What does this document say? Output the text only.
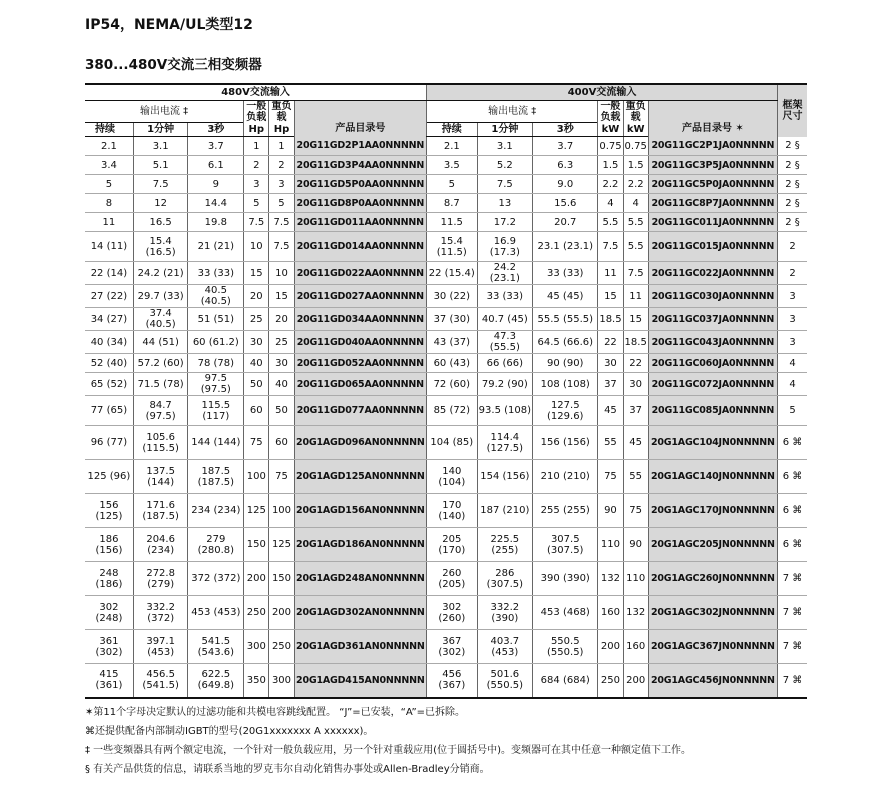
IP54，NEMA/UL类型12
380...480V交流三相变频器
480V交流输入						400V交流输入						框架尺寸
输出电流 ‡			一般负载	重负载	产品目录号	输出电流 ‡			一般负载	重负载	产品目录号 ✶	
持续	1分钟	3秒	Hp	Hp		持续	1分钟	3秒	kW	kW		
2.1	3.1	3.7	1	1	20G11GD2P1AA0NNNNN	2.1	3.1	3.7	0.75	0.75	20G11GC2P1JA0NNNNN	2 §
3.4	5.1	6.1	2	2	20G11GD3P4AA0NNNNN	3.5	5.2	6.3	1.5	1.5	20G11GC3P5JA0NNNNN	2 §
5	7.5	9	3	3	20G11GD5P0AA0NNNNN	5	7.5	9.0	2.2	2.2	20G11GC5P0JA0NNNNN	2 §
8	12	14.4	5	5	20G11GD8P0AA0NNNNN	8.7	13	15.6	4	4	20G11GC8P7JA0NNNNN	2 §
11	16.5	19.8	7.5	7.5	20G11GD011AA0NNNNN	11.5	17.2	20.7	5.5	5.5	20G11GC011JA0NNNNN	2 §
14 (11)	15.4 (16.5)	21 (21)	10	7.5	20G11GD014AA0NNNNN	15.4 (11.5)	16.9 (17.3)	23.1 (23.1)	7.5	5.5	20G11GC015JA0NNNNN	2
22 (14)	24.2 (21)	33 (33)	15	10	20G11GD022AA0NNNNN	22 (15.4)	24.2 (23.1)	33 (33)	11	7.5	20G11GC022JA0NNNNN	2
27 (22)	29.7 (33)	40.5 (40.5)	20	15	20G11GD027AA0NNNNN	30 (22)	33 (33)	45 (45)	15	11	20G11GC030JA0NNNNN	3
34 (27)	37.4 (40.5)	51 (51)	25	20	20G11GD034AA0NNNNN	37 (30)	40.7 (45)	55.5 (55.5)	18.5	15	20G11GC037JA0NNNNN	3
40 (34)	44 (51)	60 (61.2)	30	25	20G11GD040AA0NNNNN	43 (37)	47.3 (55.5)	64.5 (66.6)	22	18.5	20G11GC043JA0NNNNN	3
52 (40)	57.2 (60)	78 (78)	40	30	20G11GD052AA0NNNNN	60 (43)	66 (66)	90 (90)	30	22	20G11GC060JA0NNNNN	4
65 (52)	71.5 (78)	97.5 (97.5)	50	40	20G11GD065AA0NNNNN	72 (60)	79.2 (90)	108 (108)	37	30	20G11GC072JA0NNNNN	4
77 (65)	84.7 (97.5)	115.5 (117)	60	50	20G11GD077AA0NNNNN	85 (72)	93.5 (108)	127.5 (129.6)	45	37	20G11GC085JA0NNNNN	5
96 (77)	105.6 (115.5)	144 (144)	75	60	20G1AGD096AN0NNNNN	104 (85)	114.4 (127.5)	156 (156)	55	45	20G1AGC104JN0NNNNN	6 ⌘
125 (96)	137.5 (144)	187.5 (187.5)	100	75	20G1AGD125AN0NNNNN	140 (104)	154 (156)	210 (210)	75	55	20G1AGC140JN0NNNNN	6 ⌘
156 (125)	171.6 (187.5)	234 (234)	125	100	20G1AGD156AN0NNNNN	170 (140)	187 (210)	255 (255)	90	75	20G1AGC170JN0NNNNN	6 ⌘
186 (156)	204.6 (234)	279 (280.8)	150	125	20G1AGD186AN0NNNNN	205 (170)	225.5 (255)	307.5 (307.5)	110	90	20G1AGC205JN0NNNNN	6 ⌘
248 (186)	272.8 (279)	372 (372)	200	150	20G1AGD248AN0NNNNN	260 (205)	286 (307.5)	390 (390)	132	110	20G1AGC260JN0NNNNN	7 ⌘
302 (248)	332.2 (372)	453 (453)	250	200	20G1AGD302AN0NNNNN	302 (260)	332.2 (390)	453 (468)	160	132	20G1AGC302JN0NNNNN	7 ⌘
361 (302)	397.1 (453)	541.5 (543.6)	300	250	20G1AGD361AN0NNNNN	367 (302)	403.7 (453)	550.5 (550.5)	200	160	20G1AGC367JN0NNNNN	7 ⌘
415 (361)	456.5 (541.5)	622.5 (649.8)	350	300	20G1AGD415AN0NNNNN	456 (367)	501.6 (550.5)	684 (684)	250	200	20G1AGC456JN0NNNNN	7 ⌘
✶第11个字母决定默认的过滤功能和共模电容跳线配置。 “J”=已安装，“A”=已拆除。
⌘还提供配备内部制动IGBT的型号(20G1xxxxxxx A xxxxxx)。
‡ 一些变频器具有两个额定电流，一个针对一般负载应用，另一个针对重载应用(位于圆括号中)。变频器可在其中任意一种额定值下工作。
§ 有关产品供货的信息，请联系当地的罗克韦尔自动化销售办事处或Allen-Bradley分销商。
